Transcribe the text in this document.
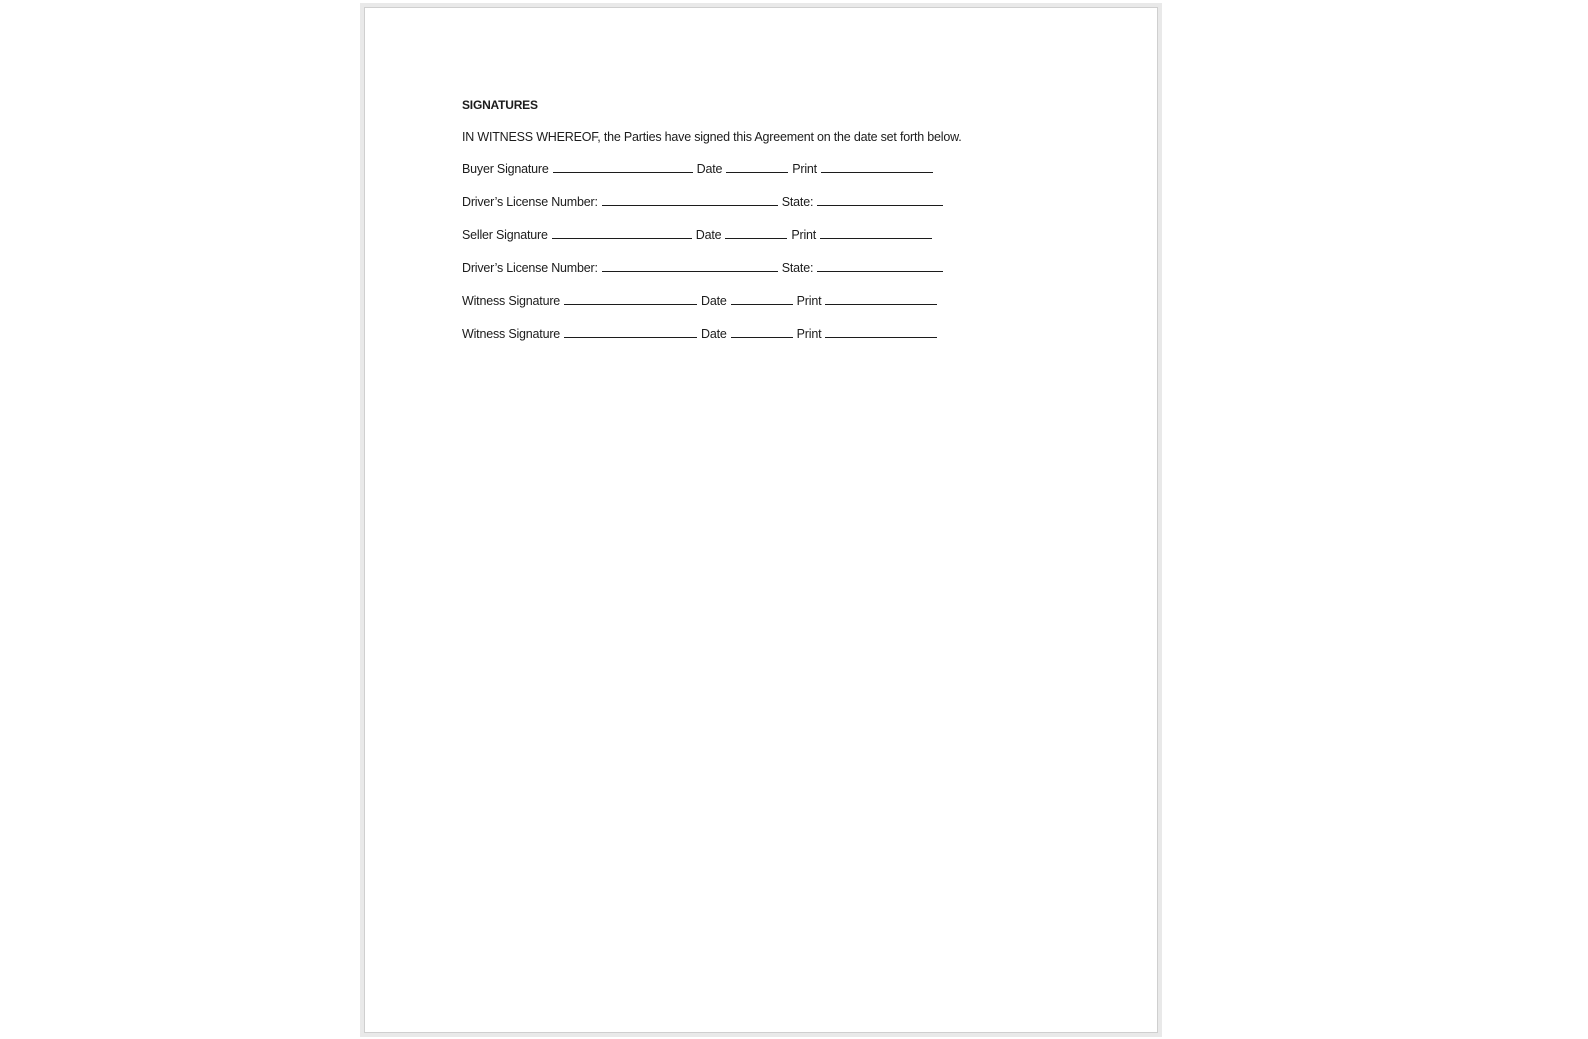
SIGNATURES
IN WITNESS WHEREOF, the Parties have signed this Agreement on the date set forth below.
Buyer Signature	Date	Print
Driver’s License Number:	State:
Seller Signature	Date	Print
Driver’s License Number:	State:
Witness Signature	Date	Print
Witness Signature	Date	Print
